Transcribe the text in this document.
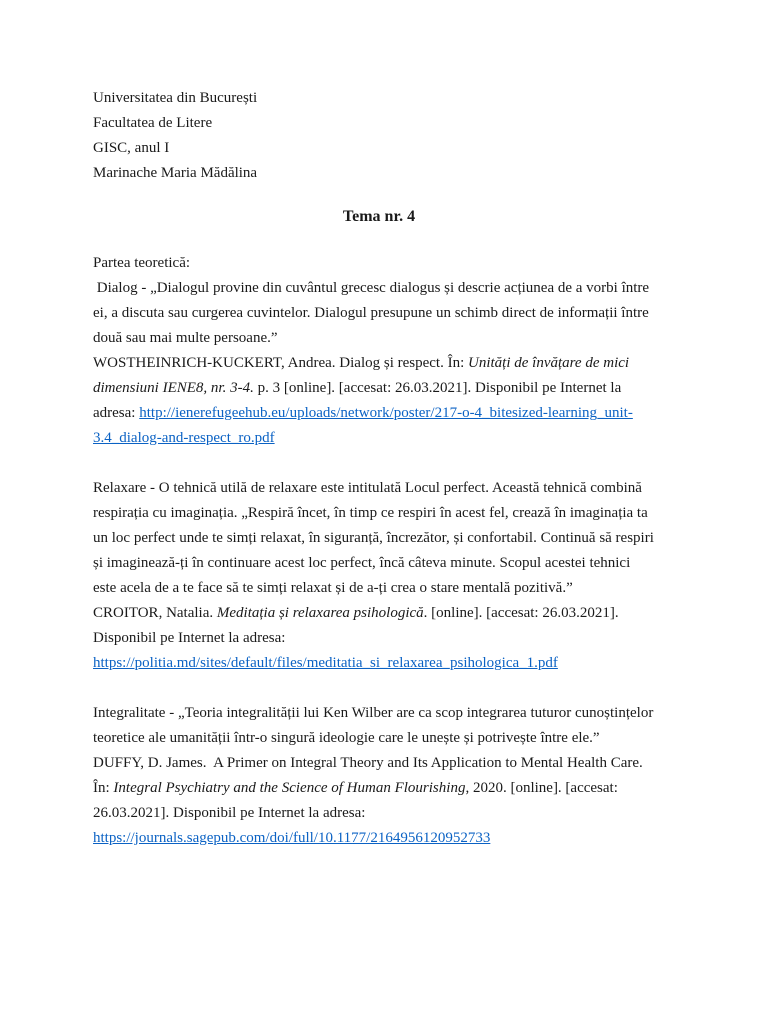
Universitatea din București
Facultatea de Litere
GISC, anul I
Marinache Maria Mădălina
Tema nr. 4
Partea teoretică:
Dialog - „Dialogul provine din cuvântul grecesc dialogus și descrie acțiunea de a vorbi între
ei, a discuta sau curgerea cuvintelor. Dialogul presupune un schimb direct de informații între
două sau mai multe persoane.”
WOSTHEINRICH-KUCKERT, Andrea. Dialog și respect. În: Unități de învățare de mici
dimensiuni IENE8, nr. 3-4. p. 3 [online]. [accesat: 26.03.2021]. Disponibil pe Internet la
adresa: http://ienerefugeehub.eu/uploads/network/poster/217-o-4_bitesized-learning_unit-
3.4_dialog-and-respect_ro.pdf
Relaxare - O tehnică utilă de relaxare este intitulată Locul perfect. Această tehnică combină
respirația cu imaginația. „Respiră încet, în timp ce respiri în acest fel, crează în imaginația ta
un loc perfect unde te simți relaxat, în siguranță, încrezător, și confortabil. Continuă să respiri
și imaginează-ți în continuare acest loc perfect, încă câteva minute. Scopul acestei tehnici
este acela de a te face să te simți relaxat și de a-ți crea o stare mentală pozitivă.”
CROITOR, Natalia. Meditația și relaxarea psihologică. [online]. [accesat: 26.03.2021].
Disponibil pe Internet la adresa:
https://politia.md/sites/default/files/meditatia_si_relaxarea_psihologica_1.pdf
Integralitate - „Teoria integralității lui Ken Wilber are ca scop integrarea tuturor cunoștințelor
teoretice ale umanității într-o singură ideologie care le unește și potrivește între ele.”
DUFFY, D. James.  A Primer on Integral Theory and Its Application to Mental Health Care.
În: Integral Psychiatry and the Science of Human Flourishing, 2020. [online]. [accesat:
26.03.2021]. Disponibil pe Internet la adresa:
https://journals.sagepub.com/doi/full/10.1177/2164956120952733
